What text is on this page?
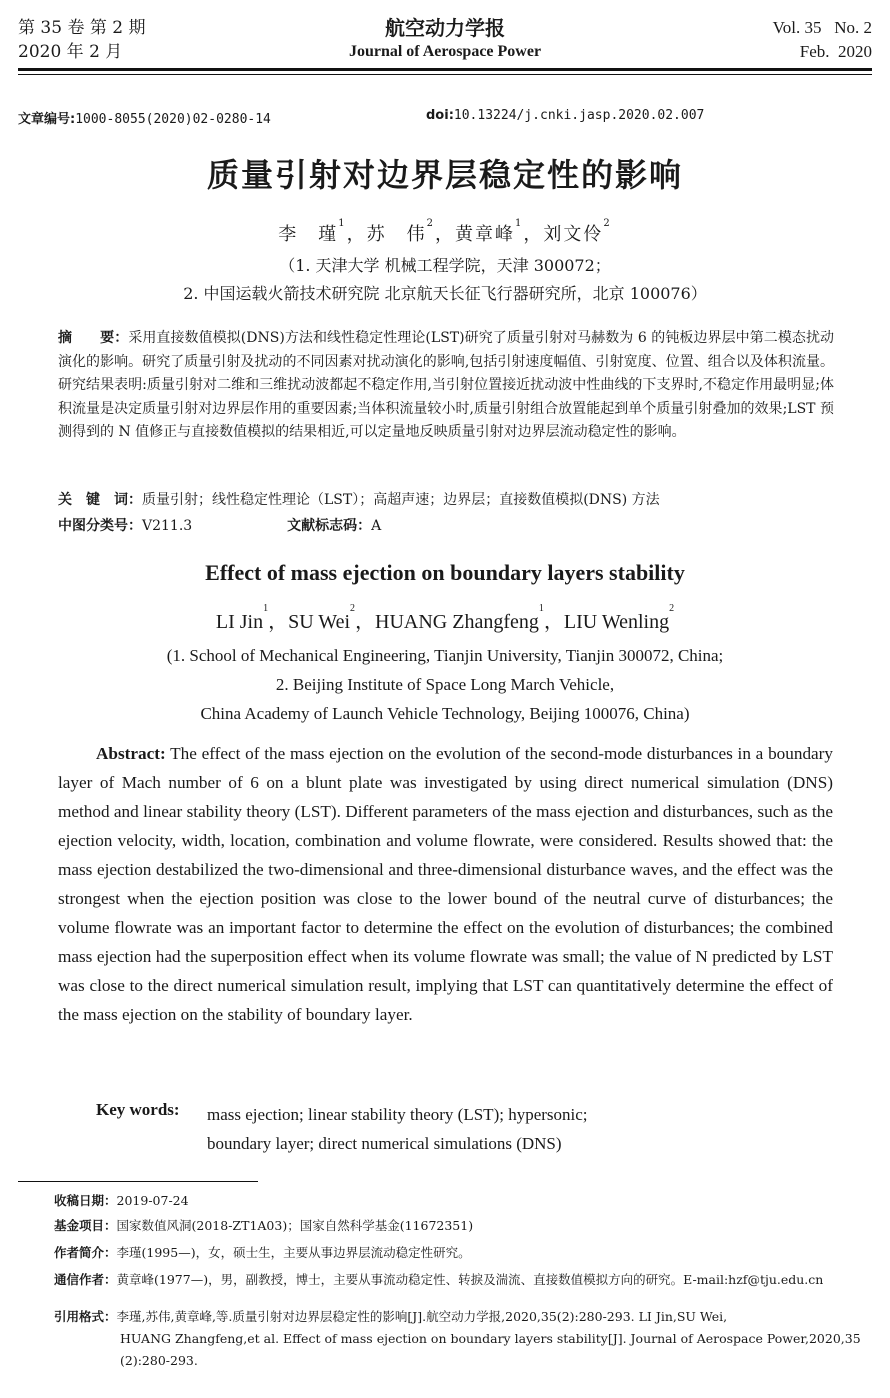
第 35 卷 第 2 期
2020 年 2 月
航空动力学报
Journal of Aerospace Power
Vol. 35   No. 2
Feb.  2020
文章编号:1000-8055(2020)02-0280-14	doi:10.13224/j.cnki.jasp.2020.02.007
质量引射对边界层稳定性的影响
李　瑾$^1$，苏　伟$^2$，黄章峰$^1$，刘文伶$^2$
（1. 天津大学 机械工程学院，天津 300072；
2. 中国运载火箭技术研究院 北京航天长征飞行器研究所，北京 100076）
摘　　要：采用直接数值模拟(DNS)方法和线性稳定性理论(LST)研究了质量引射对马赫数为 6 的钝板边界层中第二模态扰动演化的影响。研究了质量引射及扰动的不同因素对扰动演化的影响,包括引射速度幅值、引射宽度、位置、组合以及体积流量。研究结果表明:质量引射对二维和三维扰动波都起不稳定作用,当引射位置接近扰动波中性曲线的下支界时,不稳定作用最明显;体积流量是决定质量引射对边界层作用的重要因素;当体积流量较小时,质量引射组合放置能起到单个质量引射叠加的效果;LST 预测得到的 N 值修正与直接数值模拟的结果相近,可以定量地反映质量引射对边界层流动稳定性的影响。
关　键　词：质量引射；线性稳定性理论（LST）；高超声速；边界层；直接数值模拟(DNS) 方法
中图分类号：V211.3	文献标志码：A
Effect of mass ejection on boundary layers stability
LI Jin$^1$，SU Wei$^2$，HUANG Zhangfeng$^1$，LIU Wenling$^2$
(1. School of Mechanical Engineering, Tianjin University, Tianjin 300072, China;
2. Beijing Institute of Space Long March Vehicle,
China Academy of Launch Vehicle Technology, Beijing 100076, China)
Abstract: The effect of the mass ejection on the evolution of the second-mode disturbances in a boundary layer of Mach number of 6 on a blunt plate was investigated by using direct numerical simulation (DNS) method and linear stability theory (LST). Different parameters of the mass ejection and disturbances, such as the ejection velocity, width, location, combination and volume flowrate, were considered. Results showed that: the mass ejection destabilized the two-dimensional and three-dimensional disturbance waves, and the effect was the strongest when the ejection position was close to the lower bound of the neutral curve of disturbances; the volume flowrate was an important factor to determine the effect on the evolution of disturbances; the combined mass ejection had the superposition effect when its volume flowrate was small; the value of N predicted by LST was close to the direct numerical simulation result, implying that LST can quantitatively determine the effect of the mass ejection on the stability of boundary layer.
Key words: mass ejection; linear stability theory (LST); hypersonic;
boundary layer; direct numerical simulations (DNS)
收稿日期：2019-07-24
基金项目：国家数值风洞(2018-ZT1A03)；国家自然科学基金(11672351)
作者简介：李瑾(1995—)，女，硕士生，主要从事边界层流动稳定性研究。
通信作者：黄章峰(1977—)，男，副教授，博士，主要从事流动稳定性、转捩及湍流、直接数值模拟方向的研究。E-mail:hzf@tju.edu.cn
引用格式：李瑾,苏伟,黄章峰,等.质量引射对边界层稳定性的影响[J].航空动力学报,2020,35(2):280-293. LI Jin,SU Wei,
HUANG Zhangfeng,et al. Effect of mass ejection on boundary layers stability[J]. Journal of Aerospace Power,2020,35
(2):280-293.
